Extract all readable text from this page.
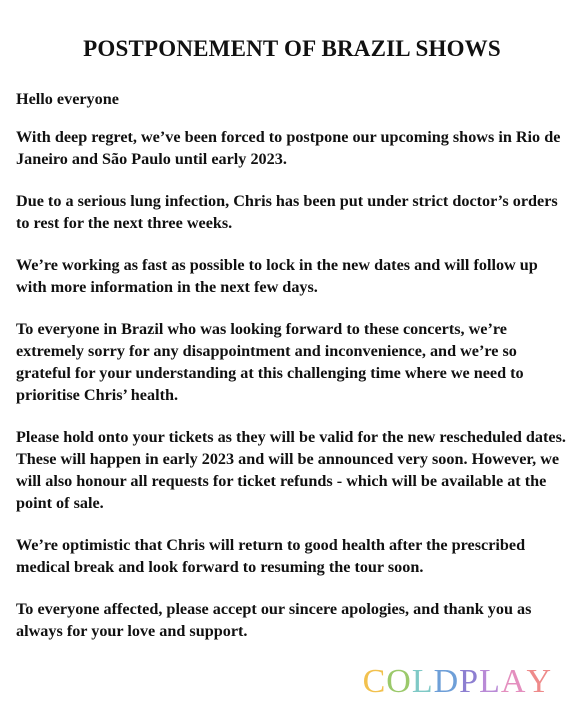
POSTPONEMENT OF BRAZIL SHOWS

Hello everyone

With deep regret, we’ve been forced to postpone our upcoming shows in Rio de Janeiro and São Paulo until early 2023.

Due to a serious lung infection, Chris has been put under strict doctor’s orders to rest for the next three weeks.

We’re working as fast as possible to lock in the new dates and will follow up with more information in the next few days.

To everyone in Brazil who was looking forward to these concerts, we’re extremely sorry for any disappointment and inconvenience, and we’re so grateful for your understanding at this challenging time where we need to prioritise Chris’ health.

Please hold onto your tickets as they will be valid for the new rescheduled dates. These will happen in early 2023 and will be announced very soon. However, we will also honour all requests for ticket refunds - which will be available at the point of sale.

We’re optimistic that Chris will return to good health after the prescribed medical break and look forward to resuming the tour soon.

To everyone affected, please accept our sincere apologies, and thank you as always for your love and support.

COLDPLAY
